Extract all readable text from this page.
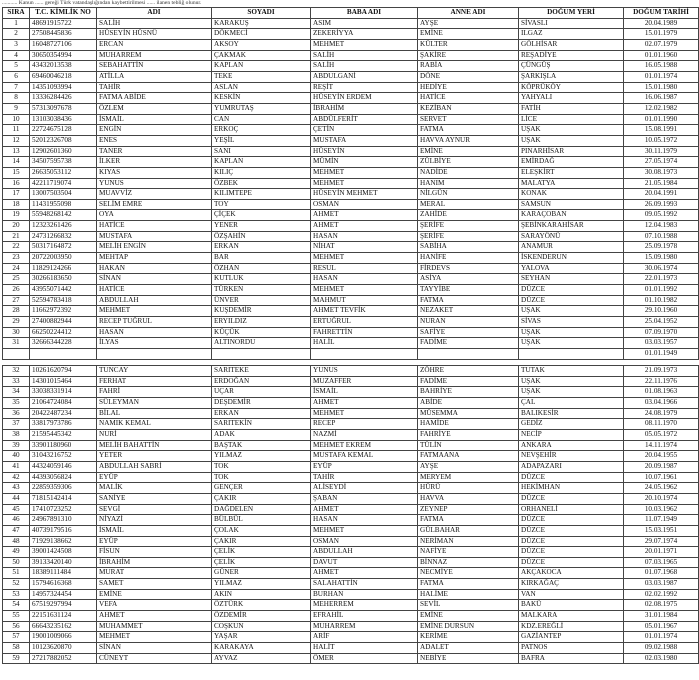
........... Kanun ...... gereği Türk vatandaşlığından kaybettirilmesi ...... ilanen tebliğ olunur.
SIRA	T.C. KİMLİK NO	ADI	SOYADI	BABA ADI	ANNE ADI	DOĞUM YERİ	DOĞUM TARİHİ
1	48691915722	SALİH	KARAKUŞ	ASIM	AYŞE	SİVASLI	20.04.1989
2	27508445836	HÜSEYİN HÜSNÜ	DÖKMECİ	ZEKERİYYA	EMİNE	ILGAZ	15.01.1979
3	16048727106	ERCAN	AKSOY	MEHMET	KÜLTER	GÖLHİSAR	02.07.1979
4	30650354994	MUHARREM	ÇAKMAK	SALİH	ŞAKİRE	REŞADİYE	01.01.1960
5	43432013538	SEBAHATTİN	KAPLAN	SALİH	RABİA	ÇÜNGÜŞ	16.05.1988
6	69460046218	ATİLLA	TEKE	ABDULGANİ	DÖNE	ŞARKIŞLA	01.01.1974
7	14351093994	TAHİR	ASLAN	REŞİT	HEDİYE	KÖPRÜKÖY	15.01.1980
8	13336284426	FATMA ABİDE	KESKİN	HÜSEYİN ERDEM	HATİCE	YAHYALI	16.06.1987
9	57313097678	ÖZLEM	YUMRUTAŞ	İBRAHİM	KEZİBAN	FATİH	12.02.1982
10	13103038436	İSMAİL	CAN	ABDÜLFERİT	SERVET	LİCE	01.01.1990
11	22724675128	ENGİN	ERKOÇ	ÇETİN	FATMA	UŞAK	15.08.1991
12	52012326708	ENES	YEŞİL	MUSTAFA	HAVVA AYNUR	UŞAK	10.05.1972
13	12902601360	TANER	SANI	HÜSEYİN	EMİNE	PINARHİSAR	30.11.1979
14	34507595738	İLKER	KAPLAN	MÜMİN	ZÜLBİYE	EMİRDAĞ	27.05.1974
15	26635053112	KIYAS	KILIÇ	MEHMET	NADİDE	ELEŞKİRT	30.08.1973
16	42211719074	YUNUS	ÖZBEK	MEHMET	HANIM	MALATYA	21.05.1984
17	13007503504	MUAVVİZ	KILIMTEPE	HÜSEYİN MEHMET	NİLGÜN	KONAK	20.04.1991
18	11431955098	SELİM EMRE	TOY	OSMAN	MERAL	SAMSUN	26.09.1993
19	55948268142	OYA	ÇİÇEK	AHMET	ZAHİDE	KARAÇOBAN	09.05.1992
20	12323261426	HATİCE	YENER	AHMET	ŞERİFE	ŞEBİNKARAHİSAR	12.04.1983
21	24731266832	MUSTAFA	ÖZŞAHİN	HASAN	ŞERİFE	SARAYÖNÜ	07.10.1988
22	50317164872	MELİH ENGİN	ERKAN	NİHAT	SABİHA	ANAMUR	25.09.1978
23	20722003950	MEHTAP	BAR	MEHMET	HANİFE	İSKENDERUN	15.09.1980
24	11829124266	HAKAN	ÖZHAN	RESUL	FİRDEVS	YALOVA	30.06.1974
25	30266183650	SİNAN	KUTLUK	HASAN	ASİYA	SEYHAN	22.01.1973
26	43955071442	HATİCE	TÜRKEN	MEHMET	TAYYİBE	DÜZCE	01.01.1992
27	52594783418	ABDULLAH	ÜNVER	MAHMUT	FATMA	DÜZCE	01.10.1982
28	11662972392	MEHMET	KUŞDEMİR	AHMET TEVFİK	NEZAKET	UŞAK	29.10.1960
29	27400882944	RECEP TUĞRUL	ERYILDIZ	ERTUĞRUL	NURAN	SİVAS	25.04.1952
30	66250224412	HASAN	KÜÇÜK	FAHRETTİN	SAFİYE	UŞAK	07.09.1970
31	32666344228	İLYAS	ALTINORDU	HALİL	FADİME	UŞAK	03.03.1957
							01.01.1949
32	10261620794	TUNCAY	SARITEKE	YUNUS	ZÖHRE	TUTAK	21.09.1973
33	14301015464	FERHAT	ERDOĞAN	MUZAFFER	FADİME	UŞAK	22.11.1976
34	33038331914	FAHRİ	UÇAR	İSMAİL	BAHRİYE	UŞAK	01.08.1963
35	21064724084	SÜLEYMAN	DEŞDEMİR	AHMET	ABİDE	ÇAL	03.04.1966
36	20422487234	BİLAL	ERKAN	MEHMET	MÜSEMMA	BALIKESİR	24.08.1979
37	33817973786	NAMIK KEMAL	SARITEKİN	RECEP	HAMİDE	GEDİZ	08.11.1970
38	21595445342	NURİ	ADAK	NAZMİ	FAHRİYE	NECİP	05.05.1972
39	33901180960	MELİH BAHATTİN	BAŞTAK	MEHMET EKREM	TÜLİN	ANKARA	14.11.1974
40	31043216752	YETER	YILMAZ	MUSTAFA KEMAL	FATMAANA	NEVŞEHİR	20.04.1955
41	44324059146	ABDULLAH SABRİ	TOK	EYÜP	AYŞE	ADAPAZARI	20.09.1987
42	44393056824	EYÜP	TOK	TAHİR	MERYEM	DÜZCE	10.07.1961
43	22859359306	MALİK	GENÇER	ALİSEYDİ	HÜRÜ	HEKİMHAN	24.05.1962
44	71815142414	SANİYE	ÇAKIR	ŞABAN	HAVVA	DÜZCE	20.10.1974
45	17410723252	SEVGİ	DAĞDELEN	AHMET	ZEYNEP	ORHANELİ	10.03.1962
46	24967891310	NİYAZİ	BÜLBÜL	HASAN	FATMA	DÜZCE	11.07.1949
47	40739179516	İSMAİL	ÇOLAK	MEHMET	GÜLBAHAR	DÜZCE	15.03.1951
48	71929138662	EYÜP	ÇAKIR	OSMAN	NERİMAN	DÜZCE	29.07.1974
49	39001424508	FİSUN	ÇELİK	ABDULLAH	NAFİYE	DÜZCE	20.01.1971
50	39133420140	İBRAHİM	ÇELİK	DAVUT	BİNNAZ	DÜZCE	07.03.1965
51	18389111484	MURAT	GÜNER	AHMET	NECMİYE	AKÇAKOCA	01.07.1968
52	15794616368	SAMET	YILMAZ	SALAHATTİN	FATMA	KIRKAĞAÇ	03.03.1987
53	14957324454	EMİNE	AKIN	BURHAN	HALİME	VAN	02.02.1992
54	67519297994	VEFA	ÖZTÜRK	MEHERREM	SEVİL	BAKÜ	02.08.1975
55	22151631124	AHMET	ÖZDEMİR	EFRAHİL	EMİNE	MALKARA	31.01.1984
56	66643235162	MUHAMMET	COŞKUN	MUHARREM	EMİNE DURSUN	KDZ.EREĞLİ	05.01.1967
57	19001009066	MEHMET	YAŞAR	ARİF	KERİME	GAZİANTEP	01.01.1974
58	10123620870	SİNAN	KARAKAYA	HALİT	ADALET	PATNOS	09.02.1988
59	27217882052	CÜNEYT	AYVAZ	ÖMER	NEBİYE	BAFRA	02.03.1980
